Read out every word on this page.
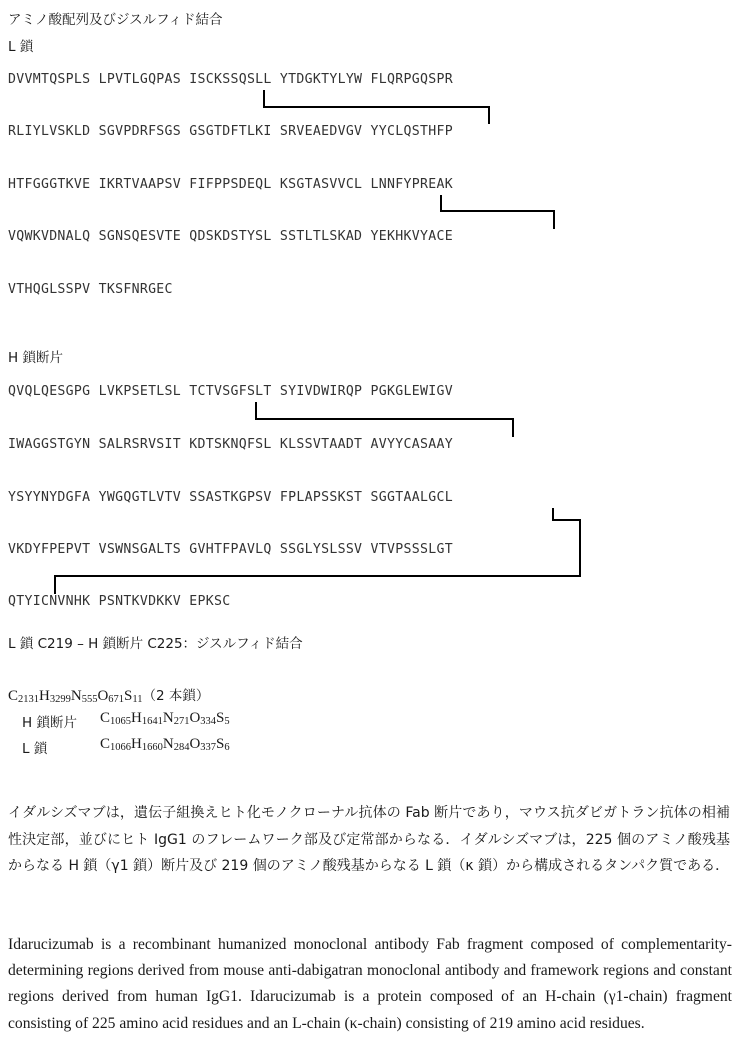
アミノ酸配列及びジスルフィド結合
L 鎖
DVVMTQSPLS LPVTLGQPAS ISCKSSQSLL YTDGKTYLYW FLQRPGQSPR
RLIYLVSKLD SGVPDRFSGS GSGTDFTLKI SRVEAEDVGV YYCLQSTHFP
HTFGGGTKVE IKRTVAAPSV FIFPPSDEQL KSGTASVVCL LNNFYPREAK
VQWKVDNALQ SGNSQESVTE QDSKDSTYSL SSTLTLSKAD YEKHKVYACE
VTHQGLSSPV TKSFNRGEC
H 鎖断片
QVQLQESGPG LVKPSETLSL TCTVSGFSLT SYIVDWIRQP PGKGLEWIGV
IWAGGSTGYN SALRSRVSIT KDTSKNQFSL KLSSVTAADT AVYYCASAAY
YSYYNYDGFA YWGQGTLVTV SSASTKGPSV FPLAPSSKST SGGTAALGCL
VKDYFPEPVT VSWNSGALTS GVHTFPAVLQ SSGLYSLSSV VTVPSSSLGT
QTYICNVNHK PSNTKVDKKV EPKSC
L 鎖 C219 – H 鎖断片 C225：ジスルフィド結合
$C_{2131}H_{3299}N_{555}O_{671}S_{11}(2$ 本鎖）
H 鎖断片 $C_{1065}H_{1641}N_{271}O_{334}S_5$
L 鎖	$C_{1066}H_{1660}N_{284}O_{337}S_6$
イダルシズマブは，遺伝子組換えヒト化モノクローナル抗体の Fab 断片であり，マウス抗ダビガトラン抗体の相補性決定部，並びにヒト IgG1 のフレームワーク部及び定常部からなる．イダルシズマブは，225 個のアミノ酸残基からなる H 鎖（γ1 鎖）断片及び 219 個のアミノ酸残基からなる L 鎖（κ 鎖）から構成されるタンパク質である．
Idarucizumab is a recombinant humanized monoclonal antibody Fab fragment composed of complementarity-determining regions derived from mouse anti-dabigatran monoclonal antibody and framework regions and constant regions derived from human IgG1. Idarucizumab is a protein composed of an H-chain (γ1-chain) fragment consisting of 225 amino acid residues and an L-chain (κ-chain) consisting of 219 amino acid residues.
